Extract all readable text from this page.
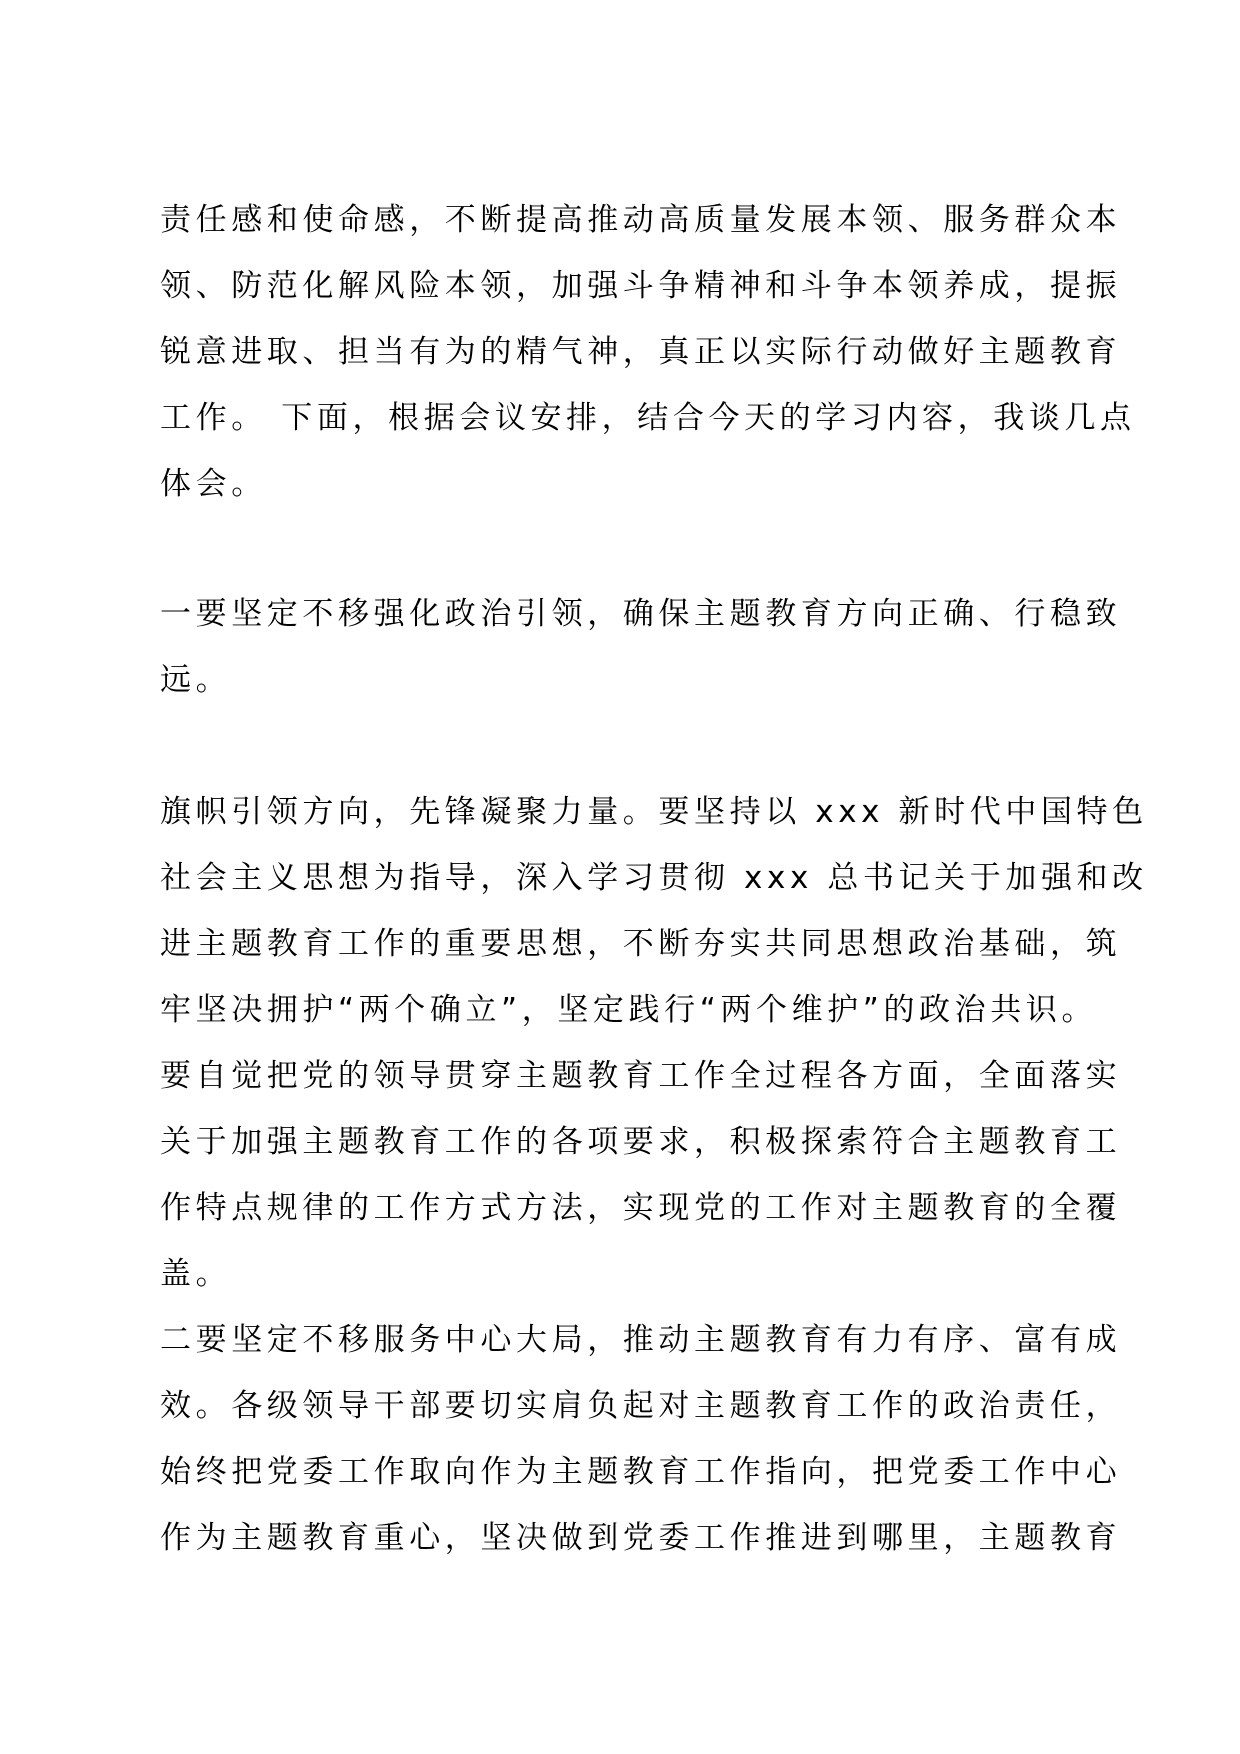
责任感和使命感，不断提高推动高质量发展本领、服务群众本
领、防范化解风险本领，加强斗争精神和斗争本领养成，提振
锐意进取、担当有为的精气神，真正以实际行动做好主题教育
工作。 下面，根据会议安排，结合今天的学习内容，我谈几点
体会。
一要坚定不移强化政治引领，确保主题教育方向正确、行稳致
远。
旗帜引领方向，先锋凝聚力量。要坚持以 xxx 新时代中国特色
社会主义思想为指导，深入学习贯彻 xxx 总书记关于加强和改
进主题教育工作的重要思想，不断夯实共同思想政治基础，筑
牢坚决拥护“两个确立”，坚定践行“两个维护”的政治共识。
要自觉把党的领导贯穿主题教育工作全过程各方面，全面落实
关于加强主题教育工作的各项要求，积极探索符合主题教育工
作特点规律的工作方式方法，实现党的工作对主题教育的全覆
盖。
二要坚定不移服务中心大局，推动主题教育有力有序、富有成
效。各级领导干部要切实肩负起对主题教育工作的政治责任，
始终把党委工作取向作为主题教育工作指向，把党委工作中心
作为主题教育重心，坚决做到党委工作推进到哪里，主题教育
